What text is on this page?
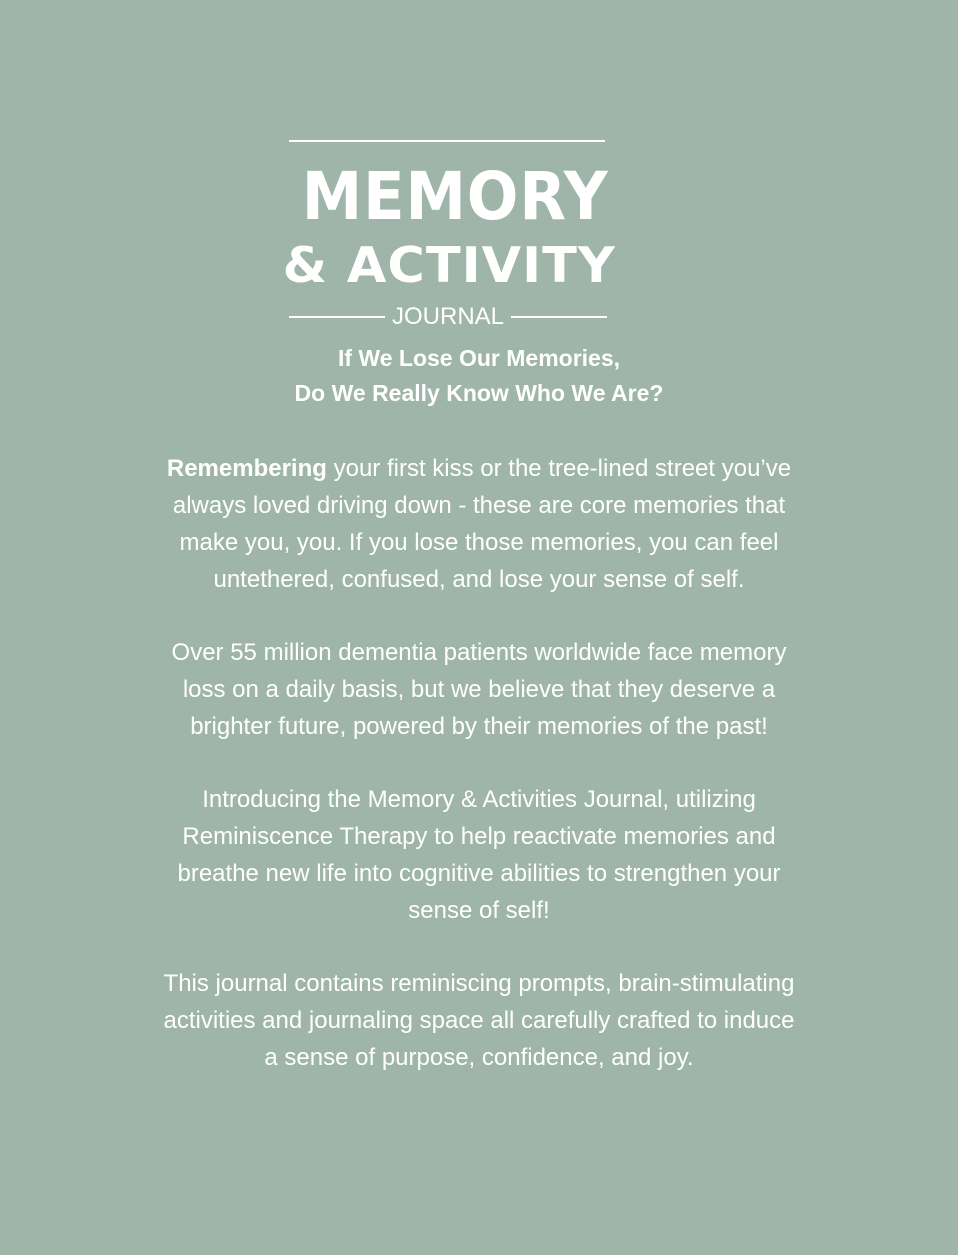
MEMORY
& ACTIVITY
JOURNAL
If We Lose Our Memories,
Do We Really Know Who We Are?
Remembering your first kiss or the tree-lined street you’ve
always loved driving down - these are core memories that
make you, you. If you lose those memories, you can feel
untethered, confused, and lose your sense of self.
Over 55 million dementia patients worldwide face memory
loss on a daily basis, but we believe that they deserve a
brighter future, powered by their memories of the past!
Introducing the Memory & Activities Journal, utilizing
Reminiscence Therapy to help reactivate memories and
breathe new life into cognitive abilities to strengthen your
sense of self!
This journal contains reminiscing prompts, brain-stimulating
activities and journaling space all carefully crafted to induce
a sense of purpose, confidence, and joy.
